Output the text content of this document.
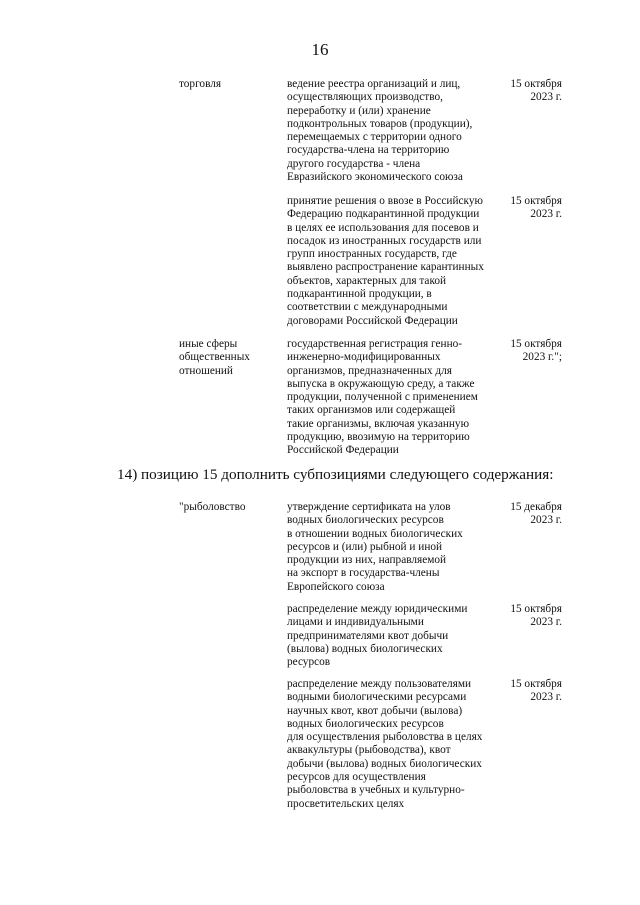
16
торговля	ведение реестра организаций и лиц,
осуществляющих производство,
переработку и (или) хранение
подконтрольных товаров (продукции),
перемещаемых с территории одного
государства-члена на территорию
другого государства - члена
Евразийского экономического союза
15 октября
2023 г.
принятие решения о ввозе в Российскую
Федерацию подкарантинной продукции
в целях ее использования для посевов и
посадок из иностранных государств или
групп иностранных государств, где
выявлено распространение карантинных
объектов, характерных для такой
подкарантинной продукции, в
соответствии с международными
договорами Российской Федерации
15 октября
2023 г.
иные сферы
общественных
отношений
государственная регистрация генно-
инженерно-модифицированных
организмов, предназначенных для
выпуска в окружающую среду, а также
продукции, полученной с применением
таких организмов или содержащей
такие организмы, включая указанную
продукцию, ввозимую на территорию
Российской Федерации
15 октября
2023 г.";
14) позицию 15 дополнить субпозициями следующего содержания:
"рыболовство	утверждение сертификата на улов
водных биологических ресурсов
в отношении водных биологических
ресурсов и (или) рыбной и иной
продукции из них, направляемой
на экспорт в государства-члены
Европейского союза
15 декабря
2023 г.
распределение между юридическими
лицами и индивидуальными
предпринимателями квот добычи
(вылова) водных биологических
ресурсов
15 октября
2023 г.
распределение между пользователями
водными биологическими ресурсами
научных квот, квот добычи (вылова)
водных биологических ресурсов
для осуществления рыболовства в целях
аквакультуры (рыбоводства), квот
добычи (вылова) водных биологических
ресурсов для осуществления
рыболовства в учебных и культурно-
просветительских целях
15 октября
2023 г.
